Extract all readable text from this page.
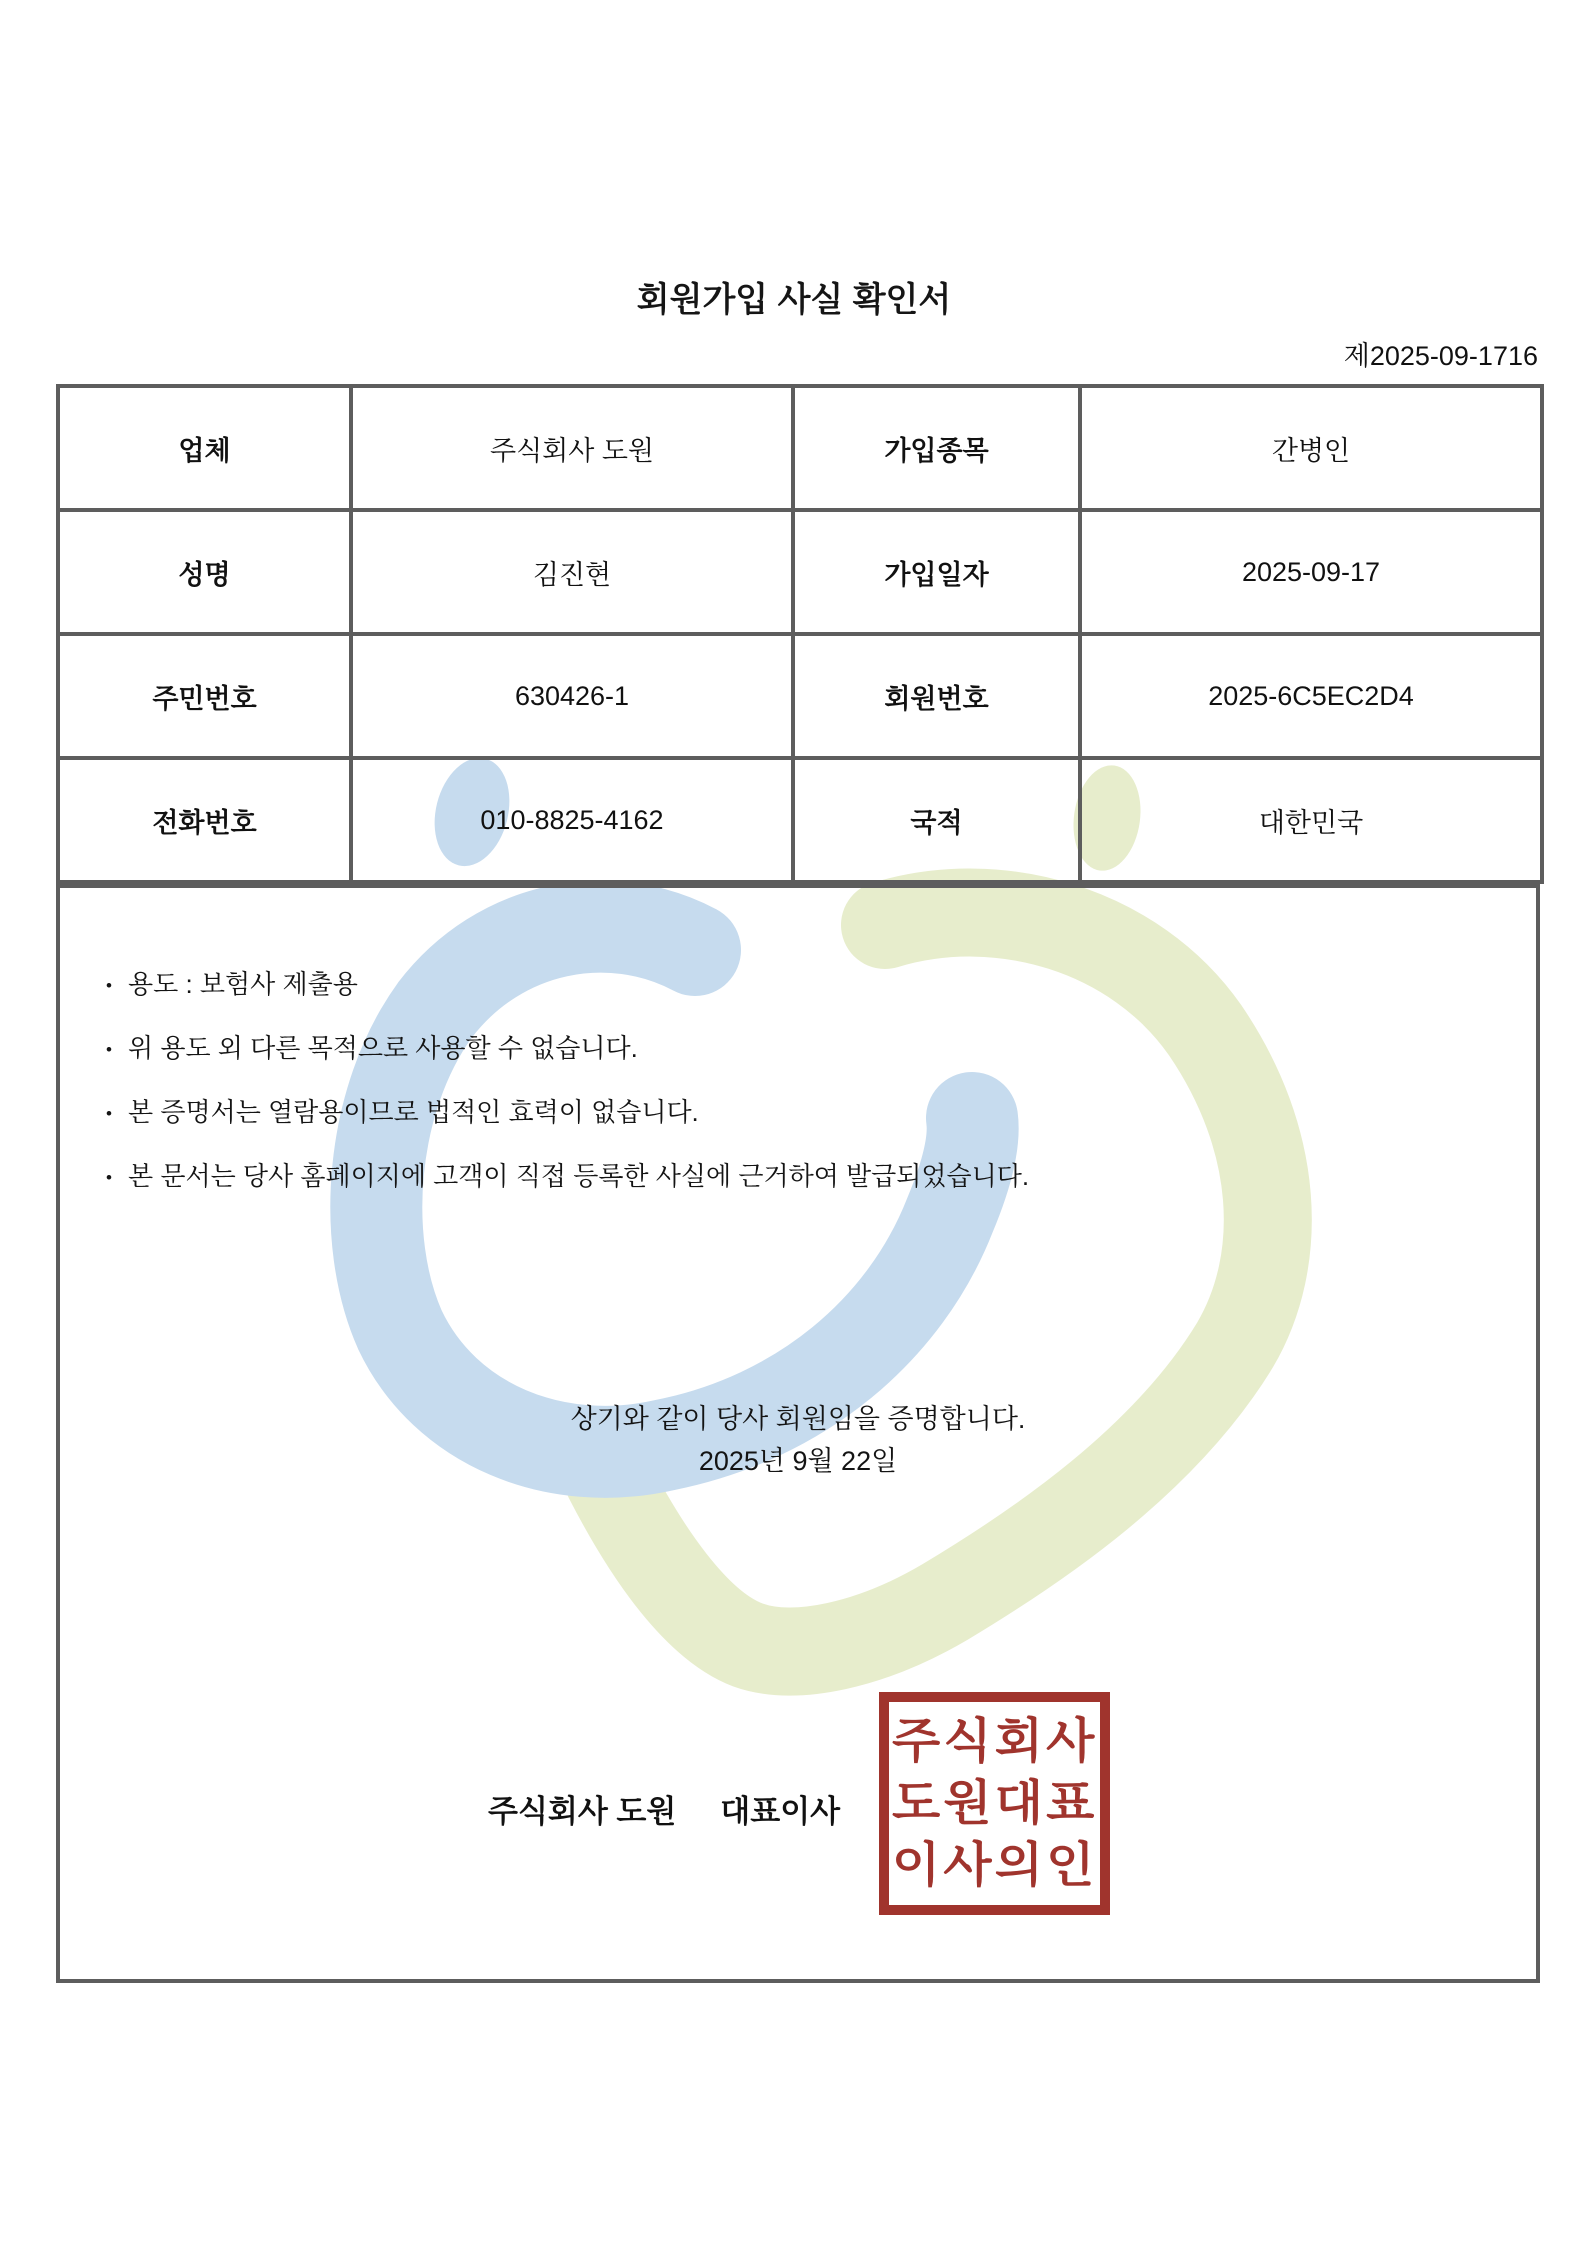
회원가입 사실 확인서
제2025-09-1716
업체	주식회사 도원	가입종목	간병인
성명	김진현	가입일자	2025-09-17
주민번호	630426-1	회원번호	2025-6C5EC2D4
전화번호	010-8825-4162	국적	대한민국
• 용도 : 보험사 제출용
• 위 용도 외 다른 목적으로 사용할 수 없습니다.
• 본 증명서는 열람용이므로 법적인 효력이 없습니다.
• 본 문서는 당사 홈페이지에 고객이 직접 등록한 사실에 근거하여 발급되었습니다.
상기와 같이 당사 회원임을 증명합니다.
2025년 9월 22일
주식회사 도원 대표이사
주식회사
도원대표
이사의인
